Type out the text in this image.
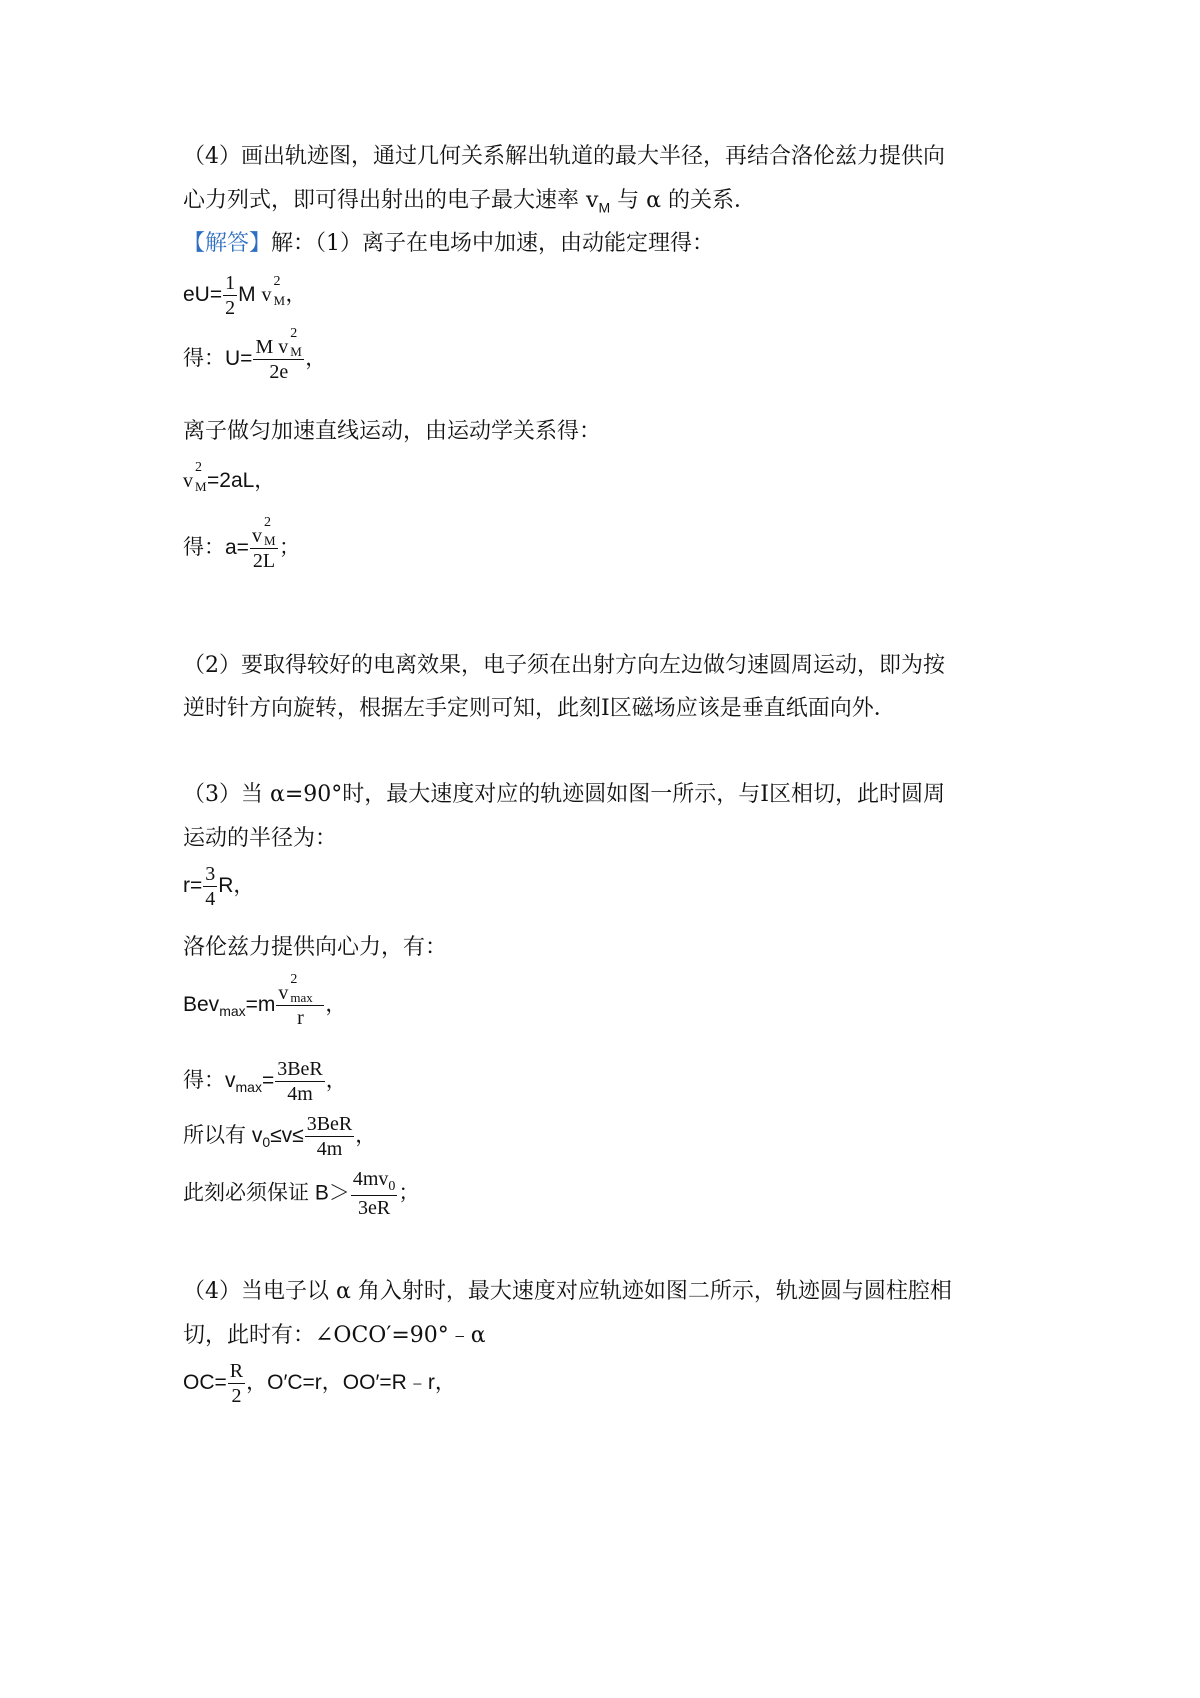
（4）画出轨迹图，通过几何关系解出轨道的最大半径，再结合洛伦兹力提供向
心力列式，即可得出射出的电子最大速率 $v_M$ 与 α 的关系．
【解答】解：（1）离子在电场中加速，由动能定理得：
$eU= \frac{1}{2}$ M v
2
M ，
得：U= M v
2
M
2e ，
离子做匀加速直线运动，由运动学关系得：
v
2
M =2aL，
得：a= v
2
M
2L ；
（2）要取得较好的电离效果，电子须在出射方向左边做匀速圆周运动，即为按
逆时针方向旋转，根据左手定则可知，此刻Ⅰ区磁场应该是垂直纸面向外．
（3）当 α=90°时，最大速度对应的轨迹圆如图一所示，与Ⅰ区相切，此时圆周
运动的半径为：
$r= \frac{3}{4}$ R，
洛伦兹力提供向心力，有：
Bev$_{max}$=m v
2
max
r ，
得：$v_{max}= \frac{\text{3BeR}}{4m}$ ，
所以有 $v_0\le v\le \frac{\text{3BeR}}{4m}$ ，
此刻必须保证 $B> \frac{4mv_0}{3eR}$ ；
（4）当电子以 α 角入射时，最大速度对应轨迹如图二所示，轨迹圆与圆柱腔相
切，此时有：∠OCO′=90°﹣α
$OC= \frac{R}{2}$ ，O′C=r，OO′=R﹣r，
